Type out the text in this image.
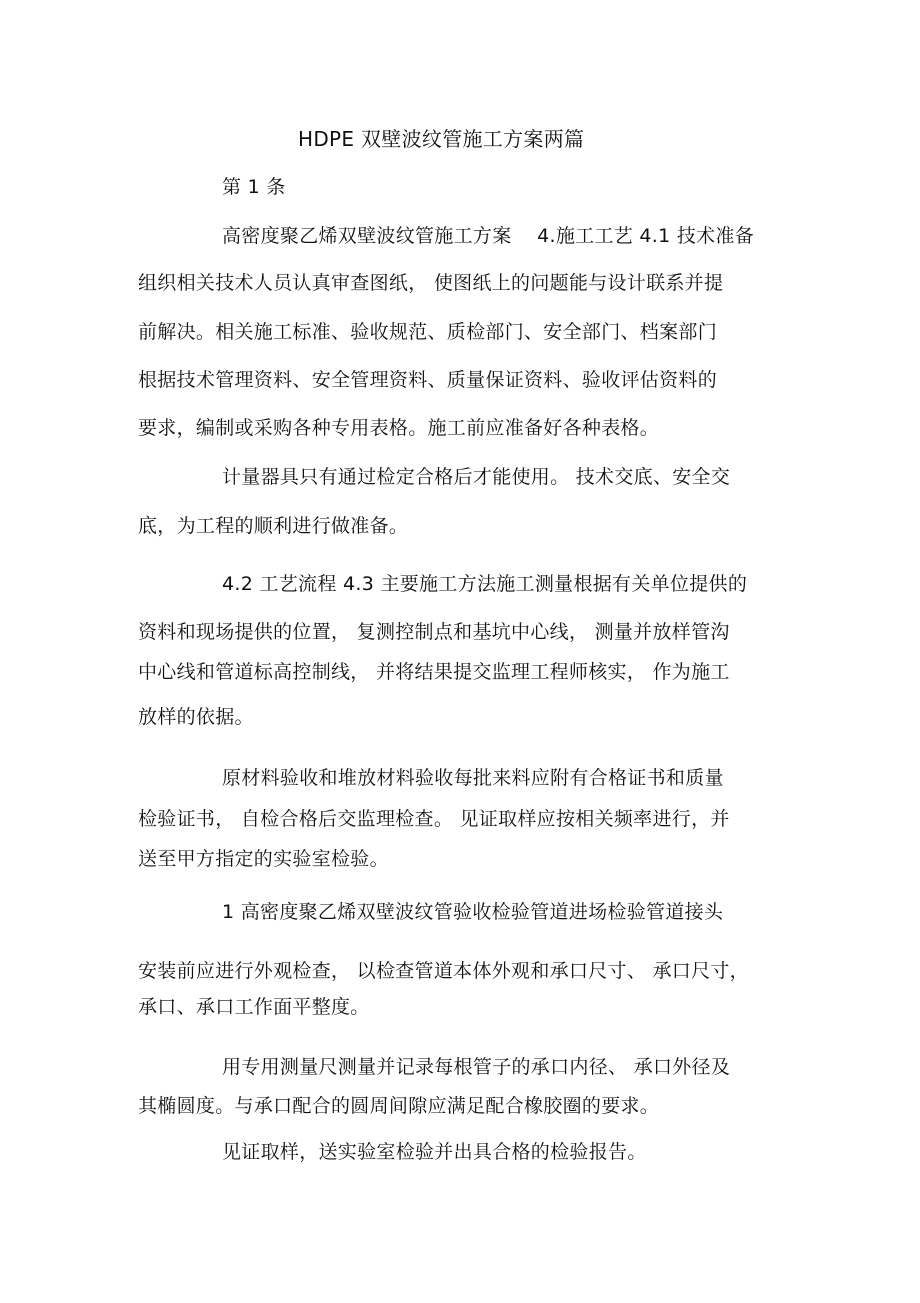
HDPE 双壁波纹管施工方案两篇

第 1 条

高密度聚乙烯双壁波纹管施工方案　 4.施工工艺 4.1 技术准备

组织相关技术人员认真审查图纸， 使图纸上的问题能与设计联系并提

前解决。相关施工标准、验收规范、质检部门、安全部门、档案部门

根据技术管理资料、安全管理资料、质量保证资料、验收评估资料的

要求，编制或采购各种专用表格。施工前应准备好各种表格。

计量器具只有通过检定合格后才能使用。 技术交底、安全交

底，为工程的顺利进行做准备。

4.2 工艺流程 4.3 主要施工方法施工测量根据有关单位提供的

资料和现场提供的位置， 复测控制点和基坑中心线， 测量并放样管沟

中心线和管道标高控制线， 并将结果提交监理工程师核实， 作为施工

放样的依据。

原材料验收和堆放材料验收每批来料应附有合格证书和质量

检验证书， 自检合格后交监理检查。 见证取样应按相关频率进行，并

送至甲方指定的实验室检验。

1 高密度聚乙烯双壁波纹管验收检验管道进场检验管道接头

安装前应进行外观检查， 以检查管道本体外观和承口尺寸、 承口尺寸，

承口、承口工作面平整度。

用专用测量尺测量并记录每根管子的承口内径、 承口外径及

其椭圆度。与承口配合的圆周间隙应满足配合橡胶圈的要求。

见证取样，送实验室检验并出具合格的检验报告。
